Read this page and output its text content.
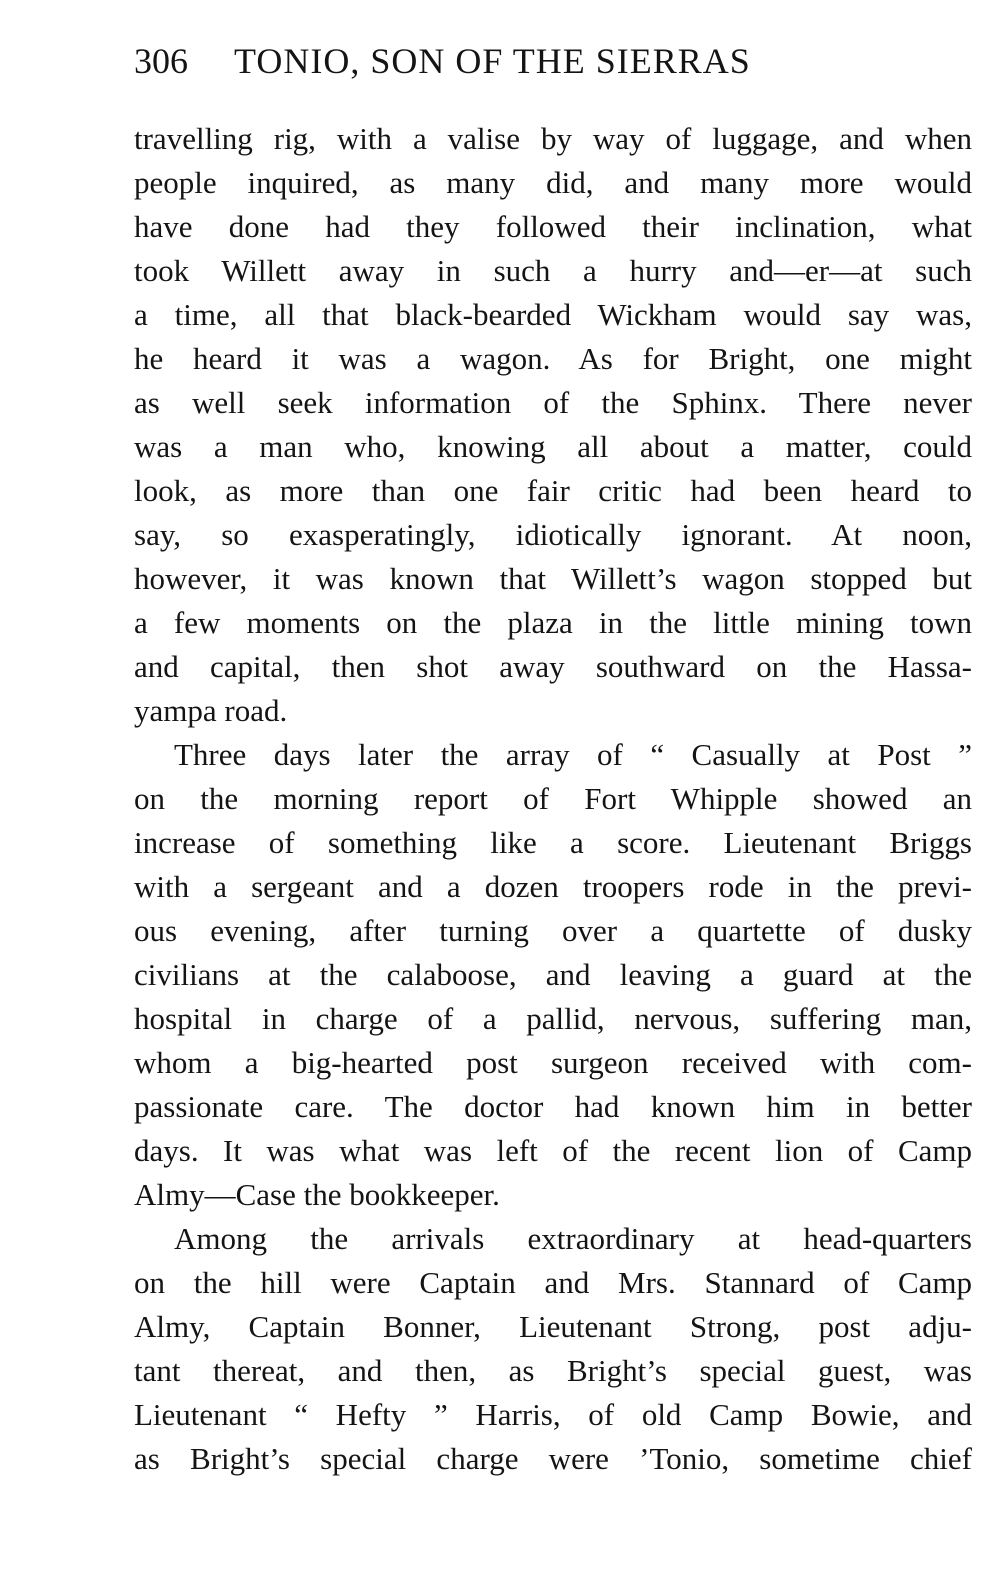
306 TONIO, SON OF THE SIERRAS
travelling rig, with a valise by way of luggage, and when
people inquired, as many did, and many more would
have done had they followed their inclination, what
took Willett away in such a hurry and—er—at such
a time, all that black-bearded Wickham would say was,
he heard it was a wagon. As for Bright, one might
as well seek information of the Sphinx. There never
was a man who, knowing all about a matter, could
look, as more than one fair critic had been heard to
say, so exasperatingly, idiotically ignorant. At noon,
however, it was known that Willett’s wagon stopped but
a few moments on the plaza in the little mining town
and capital, then shot away southward on the Hassa-
yampa road.
Three days later the array of “ Casually at Post ”
on the morning report of Fort Whipple showed an
increase of something like a score. Lieutenant Briggs
with a sergeant and a dozen troopers rode in the previ-
ous evening, after turning over a quartette of dusky
civilians at the calaboose, and leaving a guard at the
hospital in charge of a pallid, nervous, suffering man,
whom a big-hearted post surgeon received with com-
passionate care. The doctor had known him in better
days. It was what was left of the recent lion of Camp
Almy—Case the bookkeeper.
Among the arrivals extraordinary at head-quarters
on the hill were Captain and Mrs. Stannard of Camp
Almy, Captain Bonner, Lieutenant Strong, post adju-
tant thereat, and then, as Bright’s special guest, was
Lieutenant “ Hefty ” Harris, of old Camp Bowie, and
as Bright’s special charge were ’Tonio, sometime chief
